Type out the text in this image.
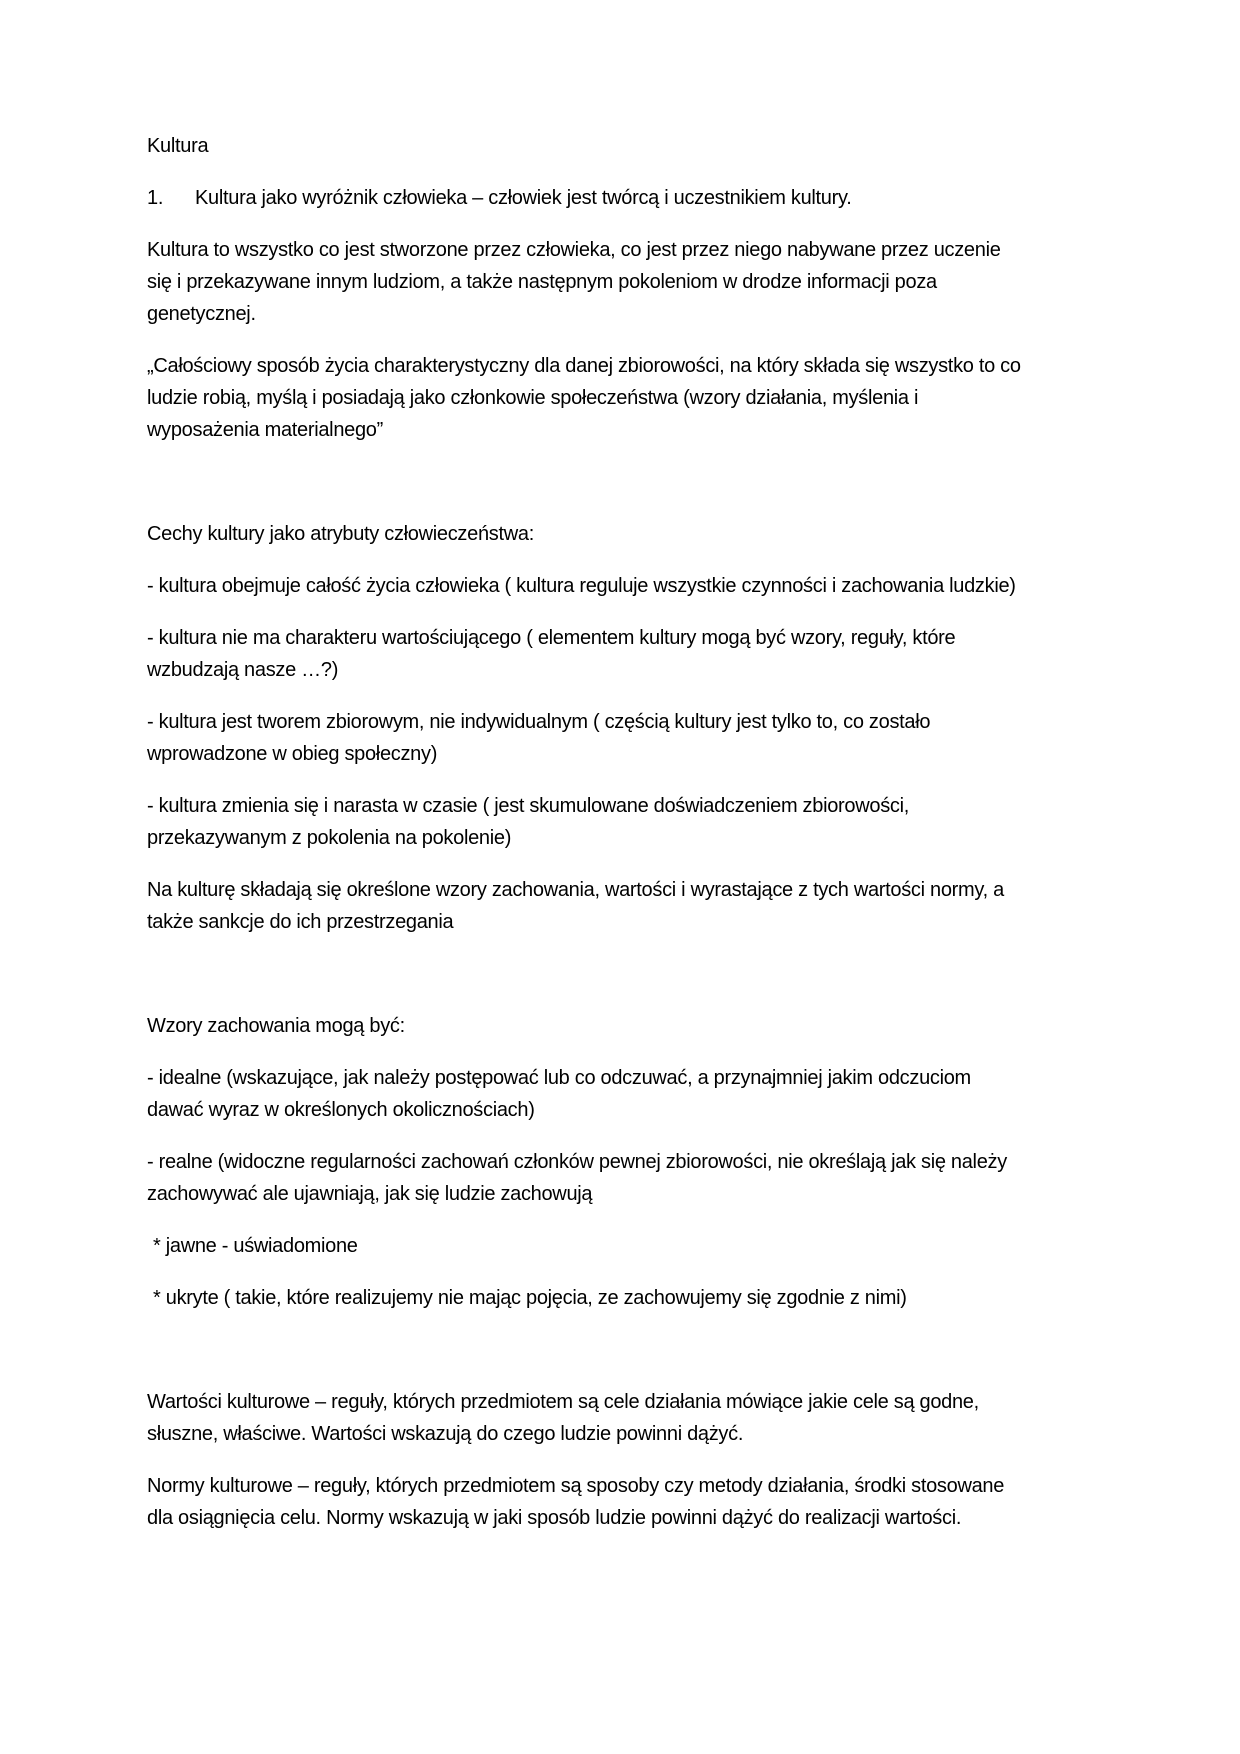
Kultura

1.	Kultura jako wyróżnik człowieka – człowiek jest twórcą i uczestnikiem kultury.

Kultura to wszystko co jest stworzone przez człowieka, co jest przez niego nabywane przez uczenie
się i przekazywane innym ludziom, a także następnym pokoleniom w drodze informacji poza
genetycznej.

„Całościowy sposób życia charakterystyczny dla danej zbiorowości, na który składa się wszystko to co
ludzie robią, myślą i posiadają jako członkowie społeczeństwa (wzory działania, myślenia i
wyposażenia materialnego”

Cechy kultury jako atrybuty człowieczeństwa:

- kultura obejmuje całość życia człowieka ( kultura reguluje wszystkie czynności i zachowania ludzkie)

- kultura nie ma charakteru wartościującego ( elementem kultury mogą być wzory, reguły, które
wzbudzają nasze …?)

- kultura jest tworem zbiorowym, nie indywidualnym ( częścią kultury jest tylko to, co zostało
wprowadzone w obieg społeczny)

- kultura zmienia się i narasta w czasie ( jest skumulowane doświadczeniem zbiorowości,
przekazywanym z pokolenia na pokolenie)

Na kulturę składają się określone wzory zachowania, wartości i wyrastające z tych wartości normy, a
także sankcje do ich przestrzegania

Wzory zachowania mogą być:

- idealne (wskazujące, jak należy postępować lub co odczuwać, a przynajmniej jakim odczuciom
dawać wyraz w określonych okolicznościach)

- realne (widoczne regularności zachowań członków pewnej zbiorowości, nie określają jak się należy
zachowywać ale ujawniają, jak się ludzie zachowują

* jawne - uświadomione

* ukryte ( takie, które realizujemy nie mając pojęcia, ze zachowujemy się zgodnie z nimi)

Wartości kulturowe – reguły, których przedmiotem są cele działania mówiące jakie cele są godne,
słuszne, właściwe. Wartości wskazują do czego ludzie powinni dążyć.

Normy kulturowe – reguły, których przedmiotem są sposoby czy metody działania, środki stosowane
dla osiągnięcia celu. Normy wskazują w jaki sposób ludzie powinni dążyć do realizacji wartości.
